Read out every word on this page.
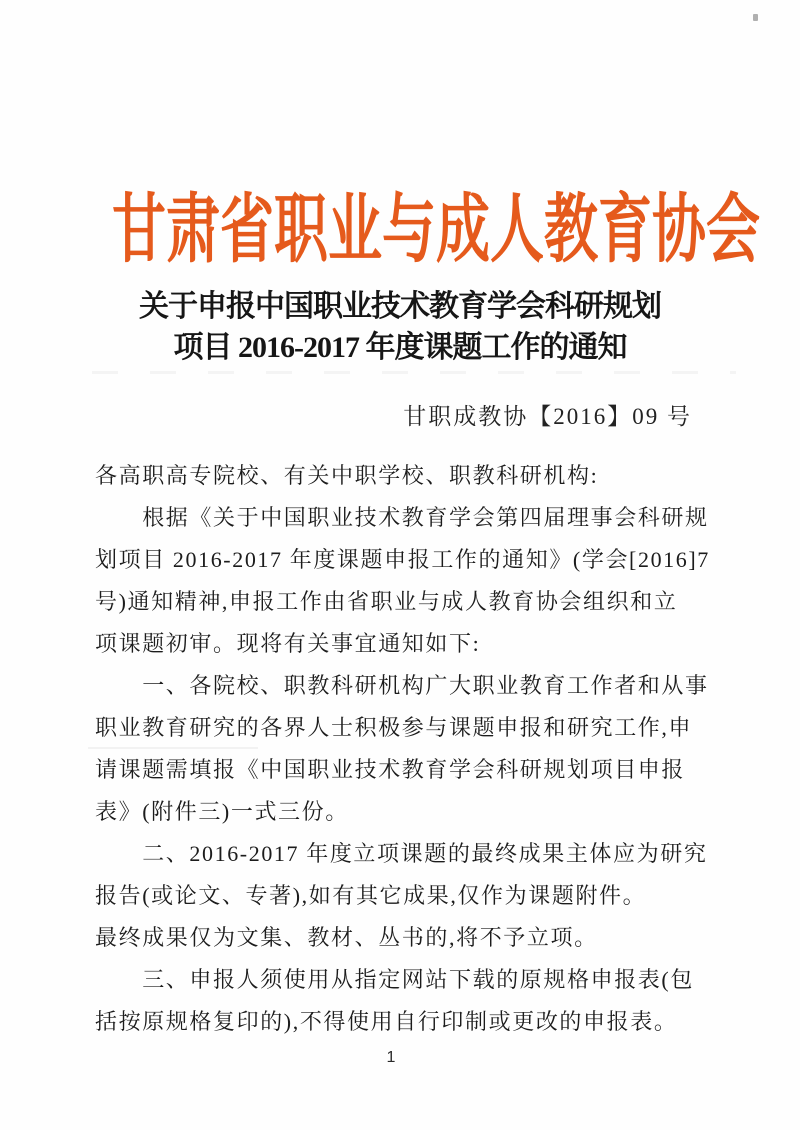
甘肃省职业与成人教育协会
关于申报中国职业技术教育学会科研规划
项目 2016-2017 年度课题工作的通知
甘职成教协【2016】09 号
各高职高专院校、有关中职学校、职教科研机构:
　　根据《关于中国职业技术教育学会第四届理事会科研规
划项目 2016-2017 年度课题申报工作的通知》(学会[2016]7
号)通知精神,申报工作由省职业与成人教育协会组织和立
项课题初审。现将有关事宜通知如下:
　　一、各院校、职教科研机构广大职业教育工作者和从事
职业教育研究的各界人士积极参与课题申报和研究工作,申
请课题需填报《中国职业技术教育学会科研规划项目申报
表》(附件三)一式三份。
　　二、2016-2017 年度立项课题的最终成果主体应为研究
报告(或论文、专著),如有其它成果,仅作为课题附件。
最终成果仅为文集、教材、丛书的,将不予立项。
　　三、申报人须使用从指定网站下载的原规格申报表(包
括按原规格复印的),不得使用自行印制或更改的申报表。
1
